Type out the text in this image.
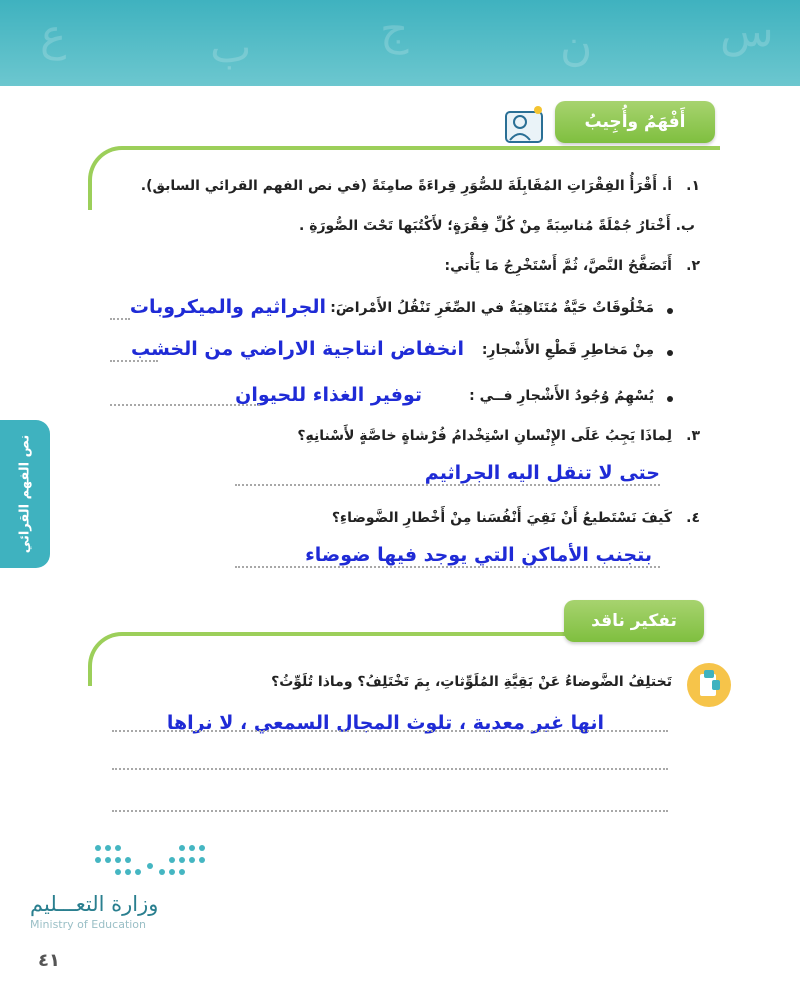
ع	ب	ج	ن	س
أَفْهَمُ وأُجِيبُ
١.
أ. أَقْرَأُ الفِقْرَاتِ المُقَابِلَةَ للصُّوَرِ قِراءَةً صامِتَةً (في نص الفهم القرائي السابق).
ب. أَخْتارُ جُمْلَةً مُناسِبَةً مِنْ كُلِّ فِقْرَةٍ؛ لأَكْتُبَها تَحْتَ الصُّورَةِ .
٢.
أَتَصَفَّحُ النَّصَّ، ثُمَّ أَسْتَخْرِجُ مَا يَأْتي:
مَخْلُوقَاتٌ حَيَّةٌ مُتَنَاهِيَةٌ في الصِّغَرِ تَنْقُلُ الأَمْراضَ:
الجراثيم والميكروبات
مِنْ مَخاطِرِ قَطْعِ الأَشْجارِ:
انخفاض انتاجية الاراضي من الخشب
يُسْهِمُ وُجُودُ الأَشْجارِ فــي :
توفير الغذاء للحيوان
٣.
لِماذَا يَجِبُ عَلَى الإِنْسانِ اسْتِخْدامُ فُرْشاةٍ خاصَّةٍ لأَسْنانِهِ؟
حتى لا تنقل اليه الجراثيم
٤.
كَيفَ نَسْتَطيعُ أَنْ نَقِيَ أَنْفُسَنا مِنْ أَخْطارِ الضَّوضاءِ؟
بتجنب الأماكن التي يوجد فيها ضوضاء
نص الفهم القرائي
تفكير ناقد
تَختلِفُ الضَّوضاءُ عَنْ بَقِيَّةِ المُلَوِّثاتِ، بِمَ تَخْتَلِفُ؟ وماذا تُلَوِّثُ؟
انها غير معدية ، تلوث المجال السمعي ، لا نراها
وزارة التعـــليم
Ministry of Education
٤١
